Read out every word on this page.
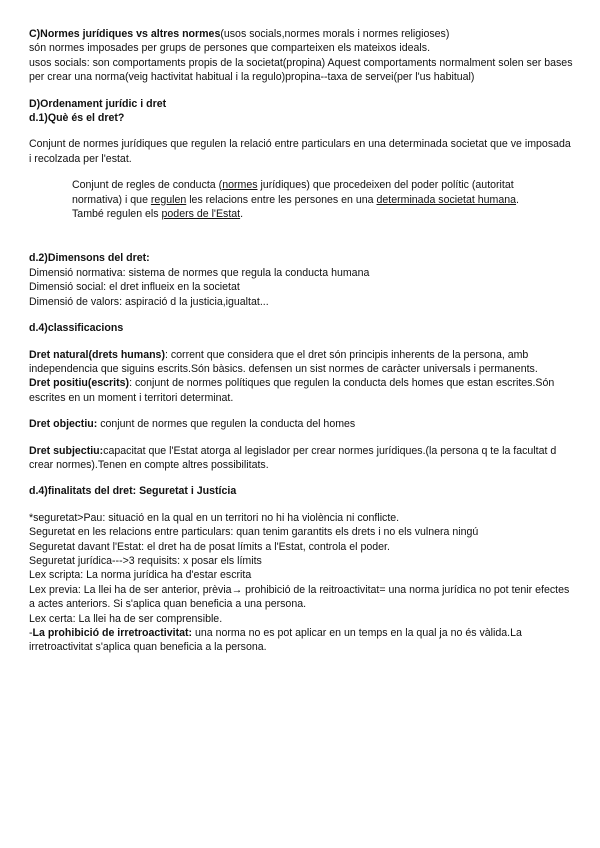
C)Normes jurídiques vs altres normes(usos socials,normes morals i normes religioses)

són normes imposades per grups de persones que comparteixen els mateixos ideals.

usos socials: son comportaments propis de la societat(propina) Aquest comportaments normalment solen ser bases per crear una norma(veig hactivitat habitual i la regulo)propina--taxa de servei(per l'us habitual)

D)Ordenament jurídic i dret

d.1)Què és el dret?

Conjunt de normes jurídiques que regulen la relació entre particulars en una determinada societat que ve imposada i recolzada per l'estat.

Conjunt de regles de conducta (normes jurídiques) que procedeixen del poder polític (autoritat normativa) i que regulen les relacions entre les persones en una determinada societat humana. També regulen els poders de l'Estat.

d.2)Dimensons del dret:

Dimensió normativa: sistema de normes que regula la conducta humana

Dimensió social: el dret influeix en la societat

Dimensió de valors: aspiració d la justicia,igualtat...

d.4)classificacions

Dret natural(drets humans): corrent que considera que el dret són principis inherents de la persona, amb independencia que siguins escrits.Són bàsics. defensen un sist normes de caràcter universals i permanents.

Dret positiu(escrits): conjunt de normes polítiques que regulen la conducta dels homes que estan escrites.Són escrites en un moment i territori determinat.

Dret objectiu: conjunt de normes que regulen la conducta del homes

Dret subjectiu:capacitat que l'Estat atorga al legislador per crear normes jurídiques.(la persona q te la facultat d crear normes).Tenen en compte altres possibilitats.

d.4)finalitats del dret: Seguretat i Justícia

*seguretat>Pau: situació en la qual en un territori no hi ha violència ni conflicte.

Seguretat en les relacions entre particulars: quan tenim garantits els drets i no els vulnera ningú

Seguretat davant l'Estat: el dret ha de posat límits a l'Estat, controla el poder.

Seguretat jurídica--->3 requisits: x posar els límits

Lex scripta: La norma jurídica ha d'estar escrita

Lex previa: La llei ha de ser anterior, prèvia→ prohibició de la reitroactivitat= una norma jurídica no pot tenir efectes a actes anteriors. Si s'aplica quan beneficia a una persona.

Lex certa: La llei ha de ser comprensible.

-La prohibició de irretroactivitat: una norma no es pot aplicar en un temps en la qual ja no és vàlida.La irretroactivitat s'aplica quan beneficia a la persona.
